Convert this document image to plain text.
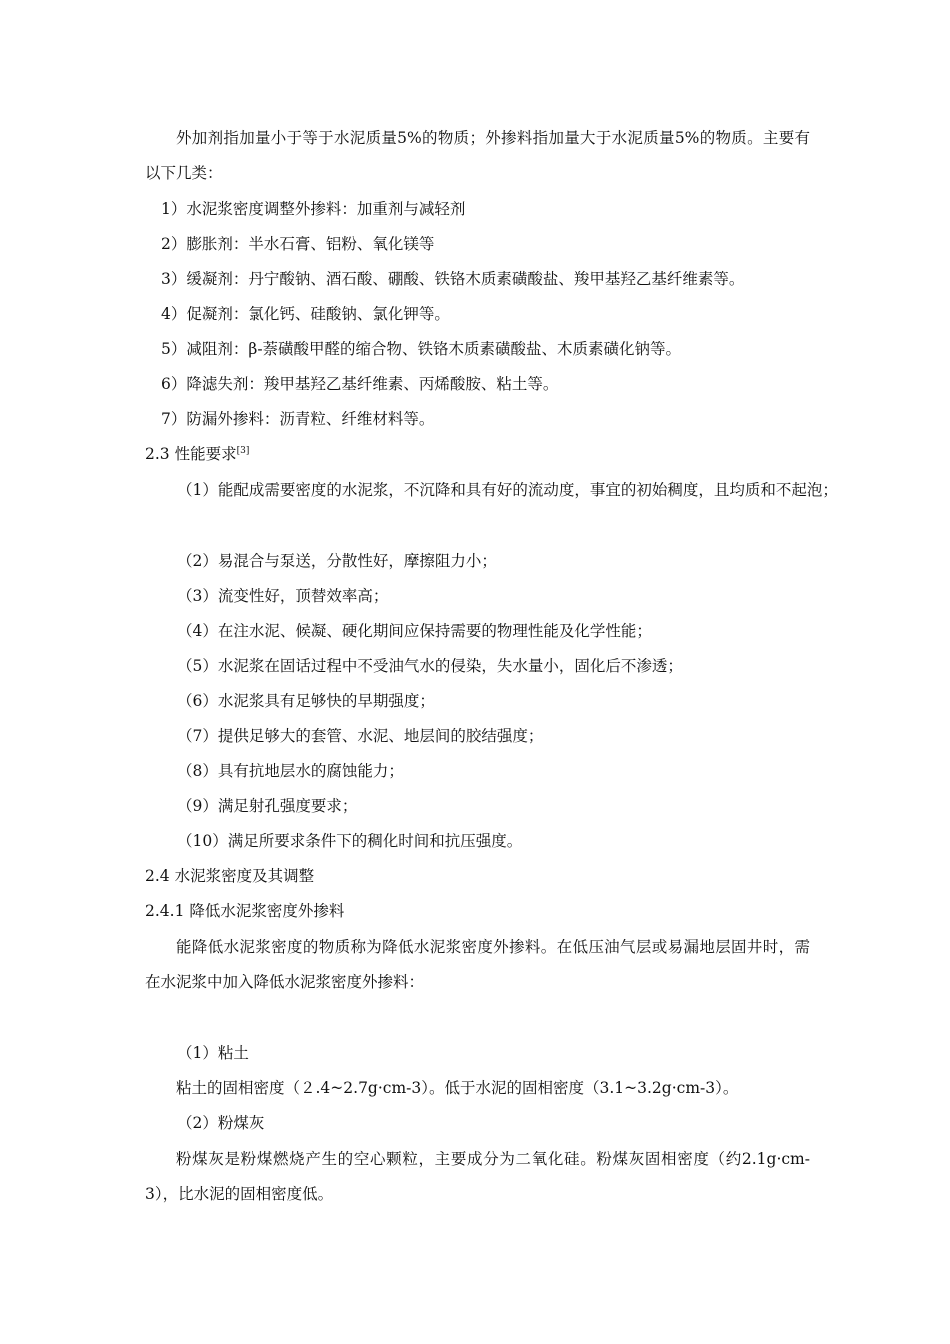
外加剂指加量小于等于水泥质量5%的物质；外掺料指加量大于水泥质量5%的物质。主要有以下几类：
1）水泥浆密度调整外掺料：加重剂与减轻剂
2）膨胀剂：半水石膏、铝粉、氧化镁等
3）缓凝剂：丹宁酸钠、酒石酸、硼酸、铁铬木质素磺酸盐、羧甲基羟乙基纤维素等。
4）促凝剂：氯化钙、硅酸钠、氯化钾等。
5）减阻剂：β-萘磺酸甲醛的缩合物、铁铬木质素磺酸盐、木质素磺化钠等。
6）降滤失剂：羧甲基羟乙基纤维素、丙烯酸胺、粘土等。
7）防漏外掺料：沥青粒、纤维材料等。
2.3 性能要求[3]
（1）能配成需要密度的水泥浆，不沉降和具有好的流动度，事宜的初始稠度，且均质和不起泡；
（2）易混合与泵送，分散性好，摩擦阻力小；
（3）流变性好，顶替效率高；
（4）在注水泥、候凝、硬化期间应保持需要的物理性能及化学性能；
（5）水泥浆在固话过程中不受油气水的侵染，失水量小，固化后不渗透；
（6）水泥浆具有足够快的早期强度；
（7）提供足够大的套管、水泥、地层间的胶结强度；
（8）具有抗地层水的腐蚀能力；
（9）满足射孔强度要求；
（10）满足所要求条件下的稠化时间和抗压强度。
2.4 水泥浆密度及其调整
2.4.1 降低水泥浆密度外掺料
能降低水泥浆密度的物质称为降低水泥浆密度外掺料。在低压油气层或易漏地层固井时，需在水泥浆中加入降低水泥浆密度外掺料：
（1）粘土
粘土的固相密度（２.4~2.7g·cm-3）。低于水泥的固相密度（3.1~3.2g·cm-3）。
（2）粉煤灰
粉煤灰是粉煤燃烧产生的空心颗粒，主要成分为二氧化硅。粉煤灰固相密度（约2.1g·cm-3），比水泥的固相密度低。
